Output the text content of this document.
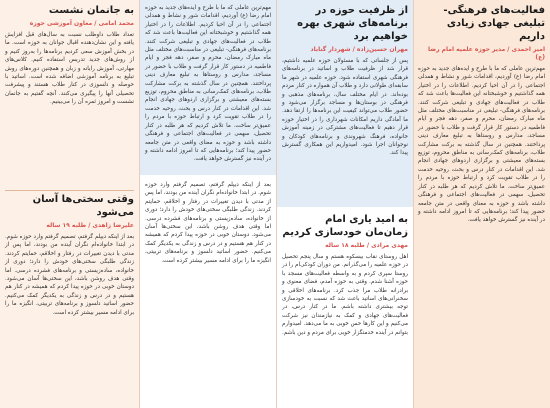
فعالیت‌های فرهنگی- تبلیغی جهادی زیادی داریم
امیر احمدی / مدیر حوزه علمیه امام رضا (ع)
مهم‌ترین عاملی که ما با طرح و ایده‌های جدید به حوزه امام رضا (ع) آوردیم، اقدامات شور و نشاط و همدلی اجتماعی را در آن احیا کردیم. اطلاعات را در اختیار همه گذاشتیم و خوشبختانه این فعالیت‌ها باعث شد که طلاب در فعالیت‌های جهادی و تبلیغی شرکت کنند. برنامه‌های فرهنگی- تبلیغی در مناسبت‌های مختلف مثل ماه مبارک رمضان، محرم و صفر، دهه فجر و ایام فاطمیه در دستور کار قرار گرفت و طلاب با حضور در مساجد، مدارس و روستاها به تبلیغ معارف دینی پرداختند. همچنین در سال گذشته به برکت مشارکت طلاب، برنامه‌های کمک‌رسانی به مناطق محروم، توزیع بسته‌های معیشتی و برگزاری اردوهای جهادی انجام شد. این اقدامات در کنار درس و بحث، روحیه خدمت را در طلاب تقویت کرد و ارتباط حوزه با مردم را عمیق‌تر ساخت. ما تلاش کردیم که هر طلبه در کنار تحصیل، سهمی در فعالیت‌های اجتماعی و فرهنگی داشته باشد و حوزه به معنای واقعی در متن جامعه حضور پیدا کند؛ برنامه‌هایی که تا امروز ادامه داشته و در آینده نیز گسترش خواهد یافت.
از ظرفیت حوزه در برنامه‌های شهری بهره خواهیم برد
مهران حسین‌زاده / شهردار گناباد
پس از جلساتی که با مسئولان حوزه علمیه داشتیم، قرار شد از ظرفیت طلاب و اساتید در برنامه‌های فرهنگی شهری استفاده شود. حوزه علمیه در شهر ما سابقه‌ای طولانی دارد و طلاب آن همواره در کنار مردم بوده‌اند. در ایام مختلف سال، برنامه‌های مذهبی و فرهنگی در بوستان‌ها و مساجد برگزار می‌شود و حضور طلاب می‌تواند کیفیت این برنامه‌ها را ارتقا دهد. ما آمادگی داریم امکانات شهرداری را در اختیار حوزه قرار دهیم تا فعالیت‌های مشترکی در زمینه آموزش خانواده، فرهنگ شهروندی و برنامه‌های کودکان و نوجوانان اجرا شود. امیدواریم این همکاری گسترش پیدا کند.
به امید یاری امام زمان‌مان خودسازی کردیم
مهدی مرادی / طلبه ۱۸ ساله
اهل روستای نقاب بیسکوه هستم و سال پنجم تحصیل در حوزه علمیه را می‌گذرانم. من دوران کودکی‌ام را در روستا سپری کردم و به واسطه فعالیت‌های مسجد با حوزه آشنا شدم. وقتی به حوزه آمدم، فضای معنوی و برادرانه طلاب مرا جذب کرد. برنامه‌های اخلاقی و سخنرانی‌های اساتید باعث شد که نسبت به خودسازی توجه بیشتری داشته باشم. ما در کنار درس، در فعالیت‌های جهادی و کمک به نیازمندان نیز شرکت می‌کنیم و این کارها حس خوبی به ما می‌دهد. امیدوارم بتوانم در آینده خدمتگزار خوبی برای مردم و دین باشم.
مهم‌ترین عاملی که ما با طرح و ایده‌های جدید به حوزه امام رضا (ع) آوردیم، اقدامات شور و نشاط و همدلی اجتماعی را در آن احیا کردیم. اطلاعات را در اختیار همه گذاشتیم و خوشبختانه این فعالیت‌ها باعث شد که طلاب در فعالیت‌های جهادی و تبلیغی شرکت کنند. برنامه‌های فرهنگی- تبلیغی در مناسبت‌های مختلف مثل ماه مبارک رمضان، محرم و صفر، دهه فجر و ایام فاطمیه در دستور کار قرار گرفت و طلاب با حضور در مساجد، مدارس و روستاها به تبلیغ معارف دینی پرداختند. همچنین در سال گذشته به برکت مشارکت طلاب، برنامه‌های کمک‌رسانی به مناطق محروم، توزیع بسته‌های معیشتی و برگزاری اردوهای جهادی انجام شد. این اقدامات در کنار درس و بحث، روحیه خدمت را در طلاب تقویت کرد و ارتباط حوزه با مردم را عمیق‌تر ساخت. ما تلاش کردیم که هر طلبه در کنار تحصیل، سهمی در فعالیت‌های اجتماعی و فرهنگی داشته باشد و حوزه به معنای واقعی در متن جامعه حضور پیدا کند؛ برنامه‌هایی که تا امروز ادامه داشته و در آینده نیز گسترش خواهد یافت.
بعد از اینکه دیپلم گرفتم، تصمیم گرفتم وارد حوزه شوم. در ابتدا خانواده‌ام نگران آینده من بودند، اما پس از مدتی با دیدن تغییرات در رفتار و اخلاقم، حمایتم کردند. زندگی طلبگی سختی‌های خودش را دارد؛ دوری از خانواده، ساده‌زیستی و برنامه‌های فشرده درسی. اما وقتی هدف روشن باشد، این سختی‌ها آسان می‌شود. دوستان خوبی در حوزه پیدا کردم که همیشه در کنار هم هستیم و در درس و زندگی به یکدیگر کمک می‌کنیم. حضور اساتید دلسوز و برنامه‌های تربیتی، انگیزه ما را برای ادامه مسیر بیشتر کرده است.
به جانمان نشست
محمد امامی / معاون آموزشی حوزه
تعداد طلاب داوطلب نسبت به سال‌های قبل افزایش یافته و این نشان‌دهنده اقبال جوانان به حوزه است. ما در بخش آموزش سعی کردیم برنامه‌ها را به‌روز کنیم و از روش‌های جدید تدریس استفاده کنیم. کلاس‌های مهارتی، آموزش رایانه و زبان و همچنین دوره‌های روش تبلیغ به برنامه آموزشی اضافه شده است. اساتید با حوصله و دلسوزی در کنار طلاب هستند و پیشرفت تحصیلی آنها را پیگیری می‌کنند. آنچه گفتیم به جانمان نشست و امروز ثمره آن را می‌بینیم.
وقتی سختی‌ها آسان می‌شود
علیرضا زاهدی / طلبه ۱۹ ساله
بعد از اینکه دیپلم گرفتم، تصمیم گرفتم وارد حوزه شوم. در ابتدا خانواده‌ام نگران آینده من بودند، اما پس از مدتی با دیدن تغییرات در رفتار و اخلاقم، حمایتم کردند. زندگی طلبگی سختی‌های خودش را دارد؛ دوری از خانواده، ساده‌زیستی و برنامه‌های فشرده درسی. اما وقتی هدف روشن باشد، این سختی‌ها آسان می‌شود. دوستان خوبی در حوزه پیدا کردم که همیشه در کنار هم هستیم و در درس و زندگی به یکدیگر کمک می‌کنیم. حضور اساتید دلسوز و برنامه‌های تربیتی، انگیزه ما را برای ادامه مسیر بیشتر کرده است.
